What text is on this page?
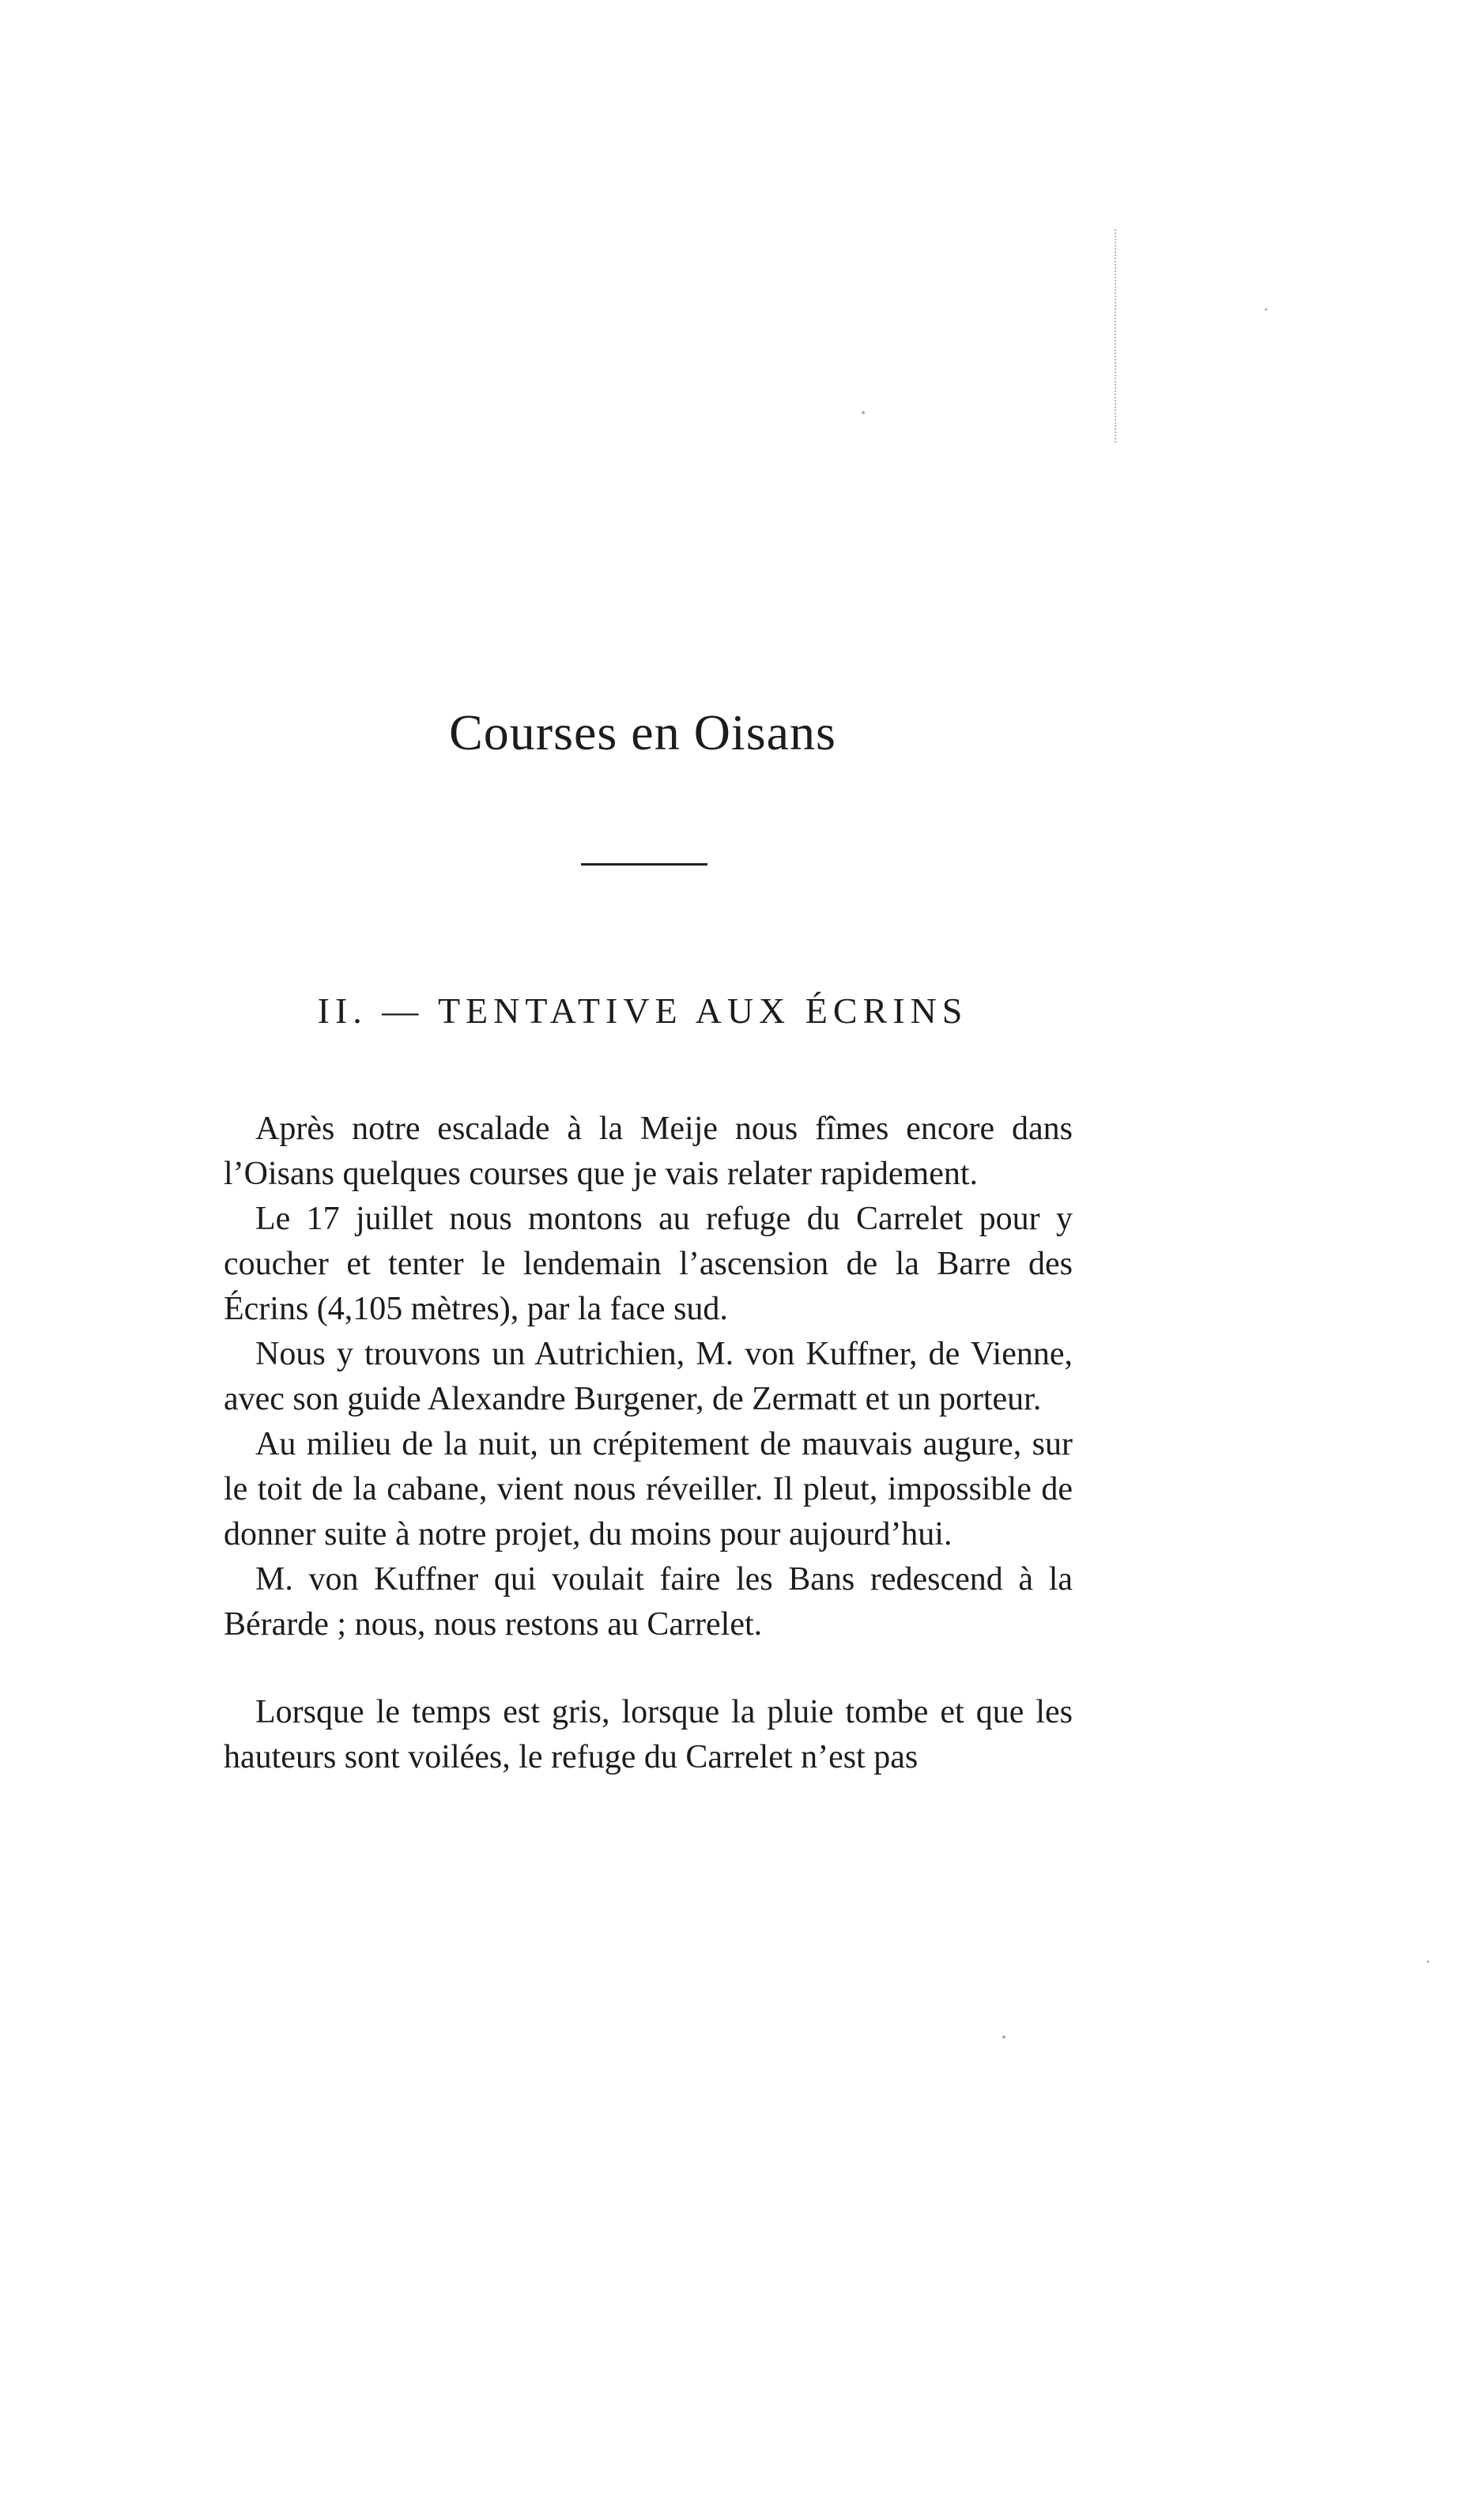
Courses en Oisans
II. — TENTATIVE AUX ÉCRINS

Après notre escalade à la Meije nous fîmes encore dans l’Oisans quelques courses que je vais relater rapidement.

Le 17 juillet nous montons au refuge du Carrelet pour y coucher et tenter le lendemain l’ascension de la Barre des Écrins (4,105 mètres), par la face sud.

Nous y trouvons un Autrichien, M. von Kuffner, de Vienne, avec son guide Alexandre Burgener, de Zermatt et un porteur.

Au milieu de la nuit, un crépitement de mauvais augure, sur le toit de la cabane, vient nous réveiller. Il pleut, impossible de donner suite à notre projet, du moins pour aujourd’hui.

M. von Kuffner qui voulait faire les Bans redescend à la Bérarde ; nous, nous restons au Carrelet.

Lorsque le temps est gris, lorsque la pluie tombe et que les hauteurs sont voilées, le refuge du Carrelet n’est pas
